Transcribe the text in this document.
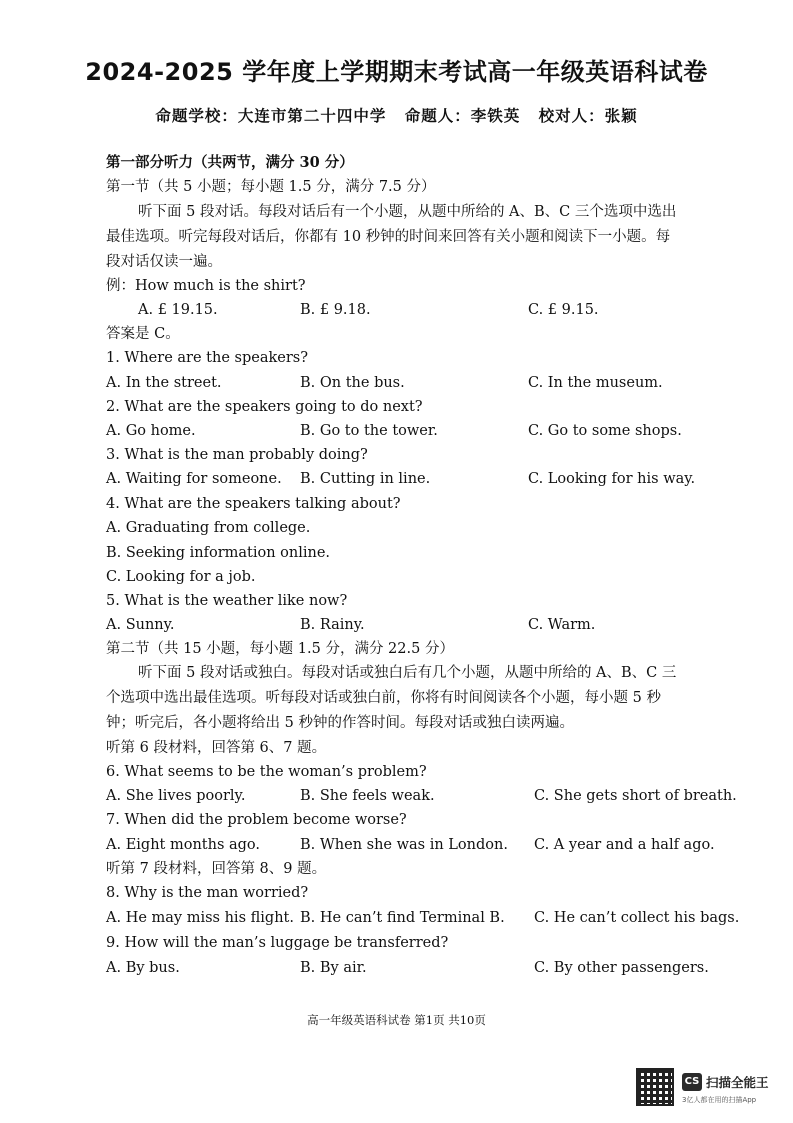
2024-2025 学年度上学期期末考试高一年级英语科试卷
命题学校：大连市第二十四中学 命题人：李铁英 校对人：张颖
第一部分听力（共两节，满分 30 分）
第一节（共 5 小题；每小题 1.5 分，满分 7.5 分）
听下面 5 段对话。每段对话后有一个小题，从题中所给的 A、B、C 三个选项中选出
最佳选项。听完每段对话后，你都有 10 秒钟的时间来回答有关小题和阅读下一小题。每
段对话仅读一遍。
例：How much is the shirt?
A. £ 19.15.	B. £ 9.18.	C. £ 9.15.
答案是 C。
1. Where are the speakers?
A. In the street.	B. On the bus.	C. In the museum.
2. What are the speakers going to do next?
A. Go home.	B. Go to the tower.	C. Go to some shops.
3. What is the man probably doing?
A. Waiting for someone. B. Cutting in line.	C. Looking for his way.
4. What are the speakers talking about?
A. Graduating from college.
B. Seeking information online.
C. Looking for a job.
5. What is the weather like now?
A. Sunny.	B. Rainy.	C. Warm.
第二节（共 15 小题，每小题 1.5 分，满分 22.5 分）
听下面 5 段对话或独白。每段对话或独白后有几个小题，从题中所给的 A、B、C 三
个选项中选出最佳选项。听每段对话或独白前，你将有时间阅读各个小题，每小题 5 秒
钟；听完后，各小题将给出 5 秒钟的作答时间。每段对话或独白读两遍。
听第 6 段材料，回答第 6、7 题。
6. What seems to be the woman’s problem?
A. She lives poorly.	B. She feels weak.	C. She gets short of breath.
7. When did the problem become worse?
A. Eight months ago.	B. When she was in London. C. A year and a half ago.
听第 7 段材料，回答第 8、9 题。
8. Why is the man worried?
A. He may miss his flight. B. He can’t find Terminal B. C. He can’t collect his bags.
9. How will the man’s luggage be transferred?
A. By bus.	B. By air.	C. By other passengers.
高一年级英语科试卷 第1页 共10页
CS 扫描全能王
3亿人都在用的扫描App
